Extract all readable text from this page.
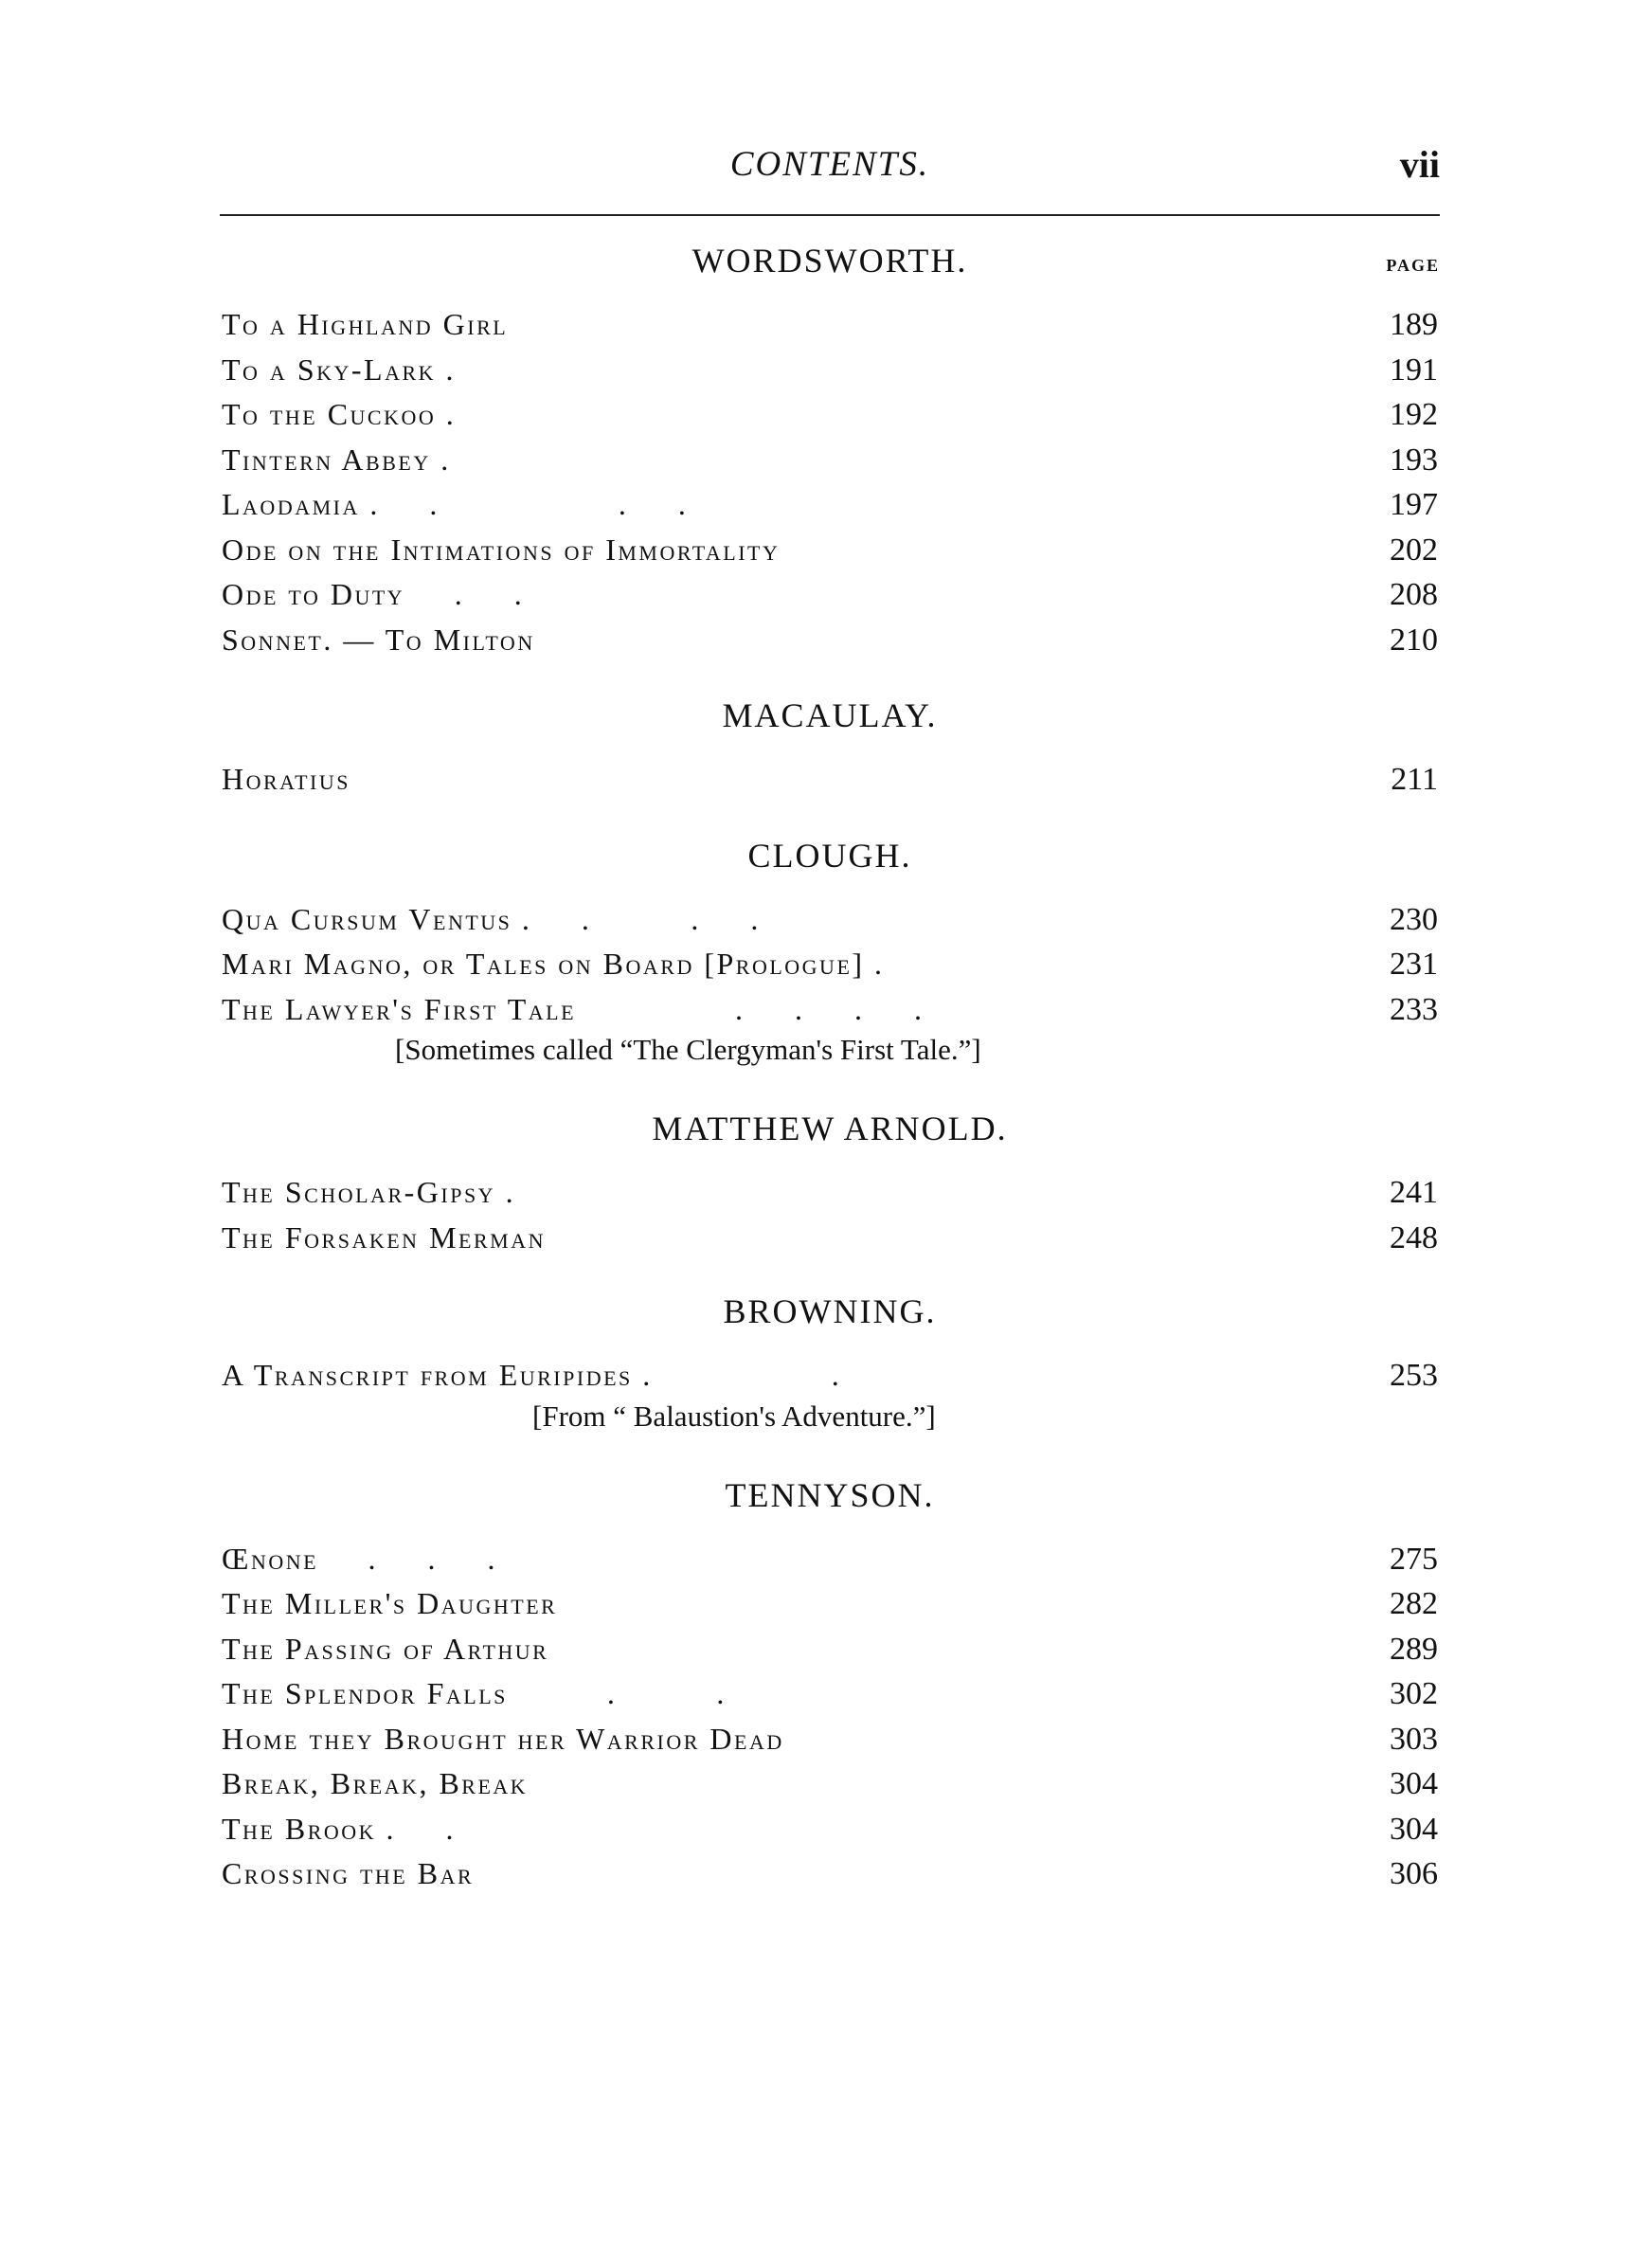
CONTENTS.	vii
WORDSWORTH.	PAGE
To a Highland Girl	189
To a Sky-Lark .	191
To the Cuckoo .	192
Tintern Abbey .	193
Laodamia .     .                  .     .	197
Ode on the Intimations of Immortality	202
Ode to Duty     .     .	208
Sonnet. — To Milton	210
MACAULAY.
Horatius	211
CLOUGH.
Qua Cursum Ventus .     .          .     .	230
Mari Magno, or Tales on Board [Prologue] .	231
The Lawyer's First Tale                .     .     .     .	233
[Sometimes called “The Clergyman's First Tale.”]
MATTHEW ARNOLD.
The Scholar-Gipsy .	241
The Forsaken Merman	248
BROWNING.
A Transcript from Euripides .                  .	253
[From “ Balaustion's Adventure.”]
TENNYSON.
Œnone     .     .     .	275
The Miller's Daughter	282
The Passing of Arthur	289
The Splendor Falls          .          .	302
Home they Brought her Warrior Dead	303
Break, Break, Break	304
The Brook .     .	304
Crossing the Bar	306
